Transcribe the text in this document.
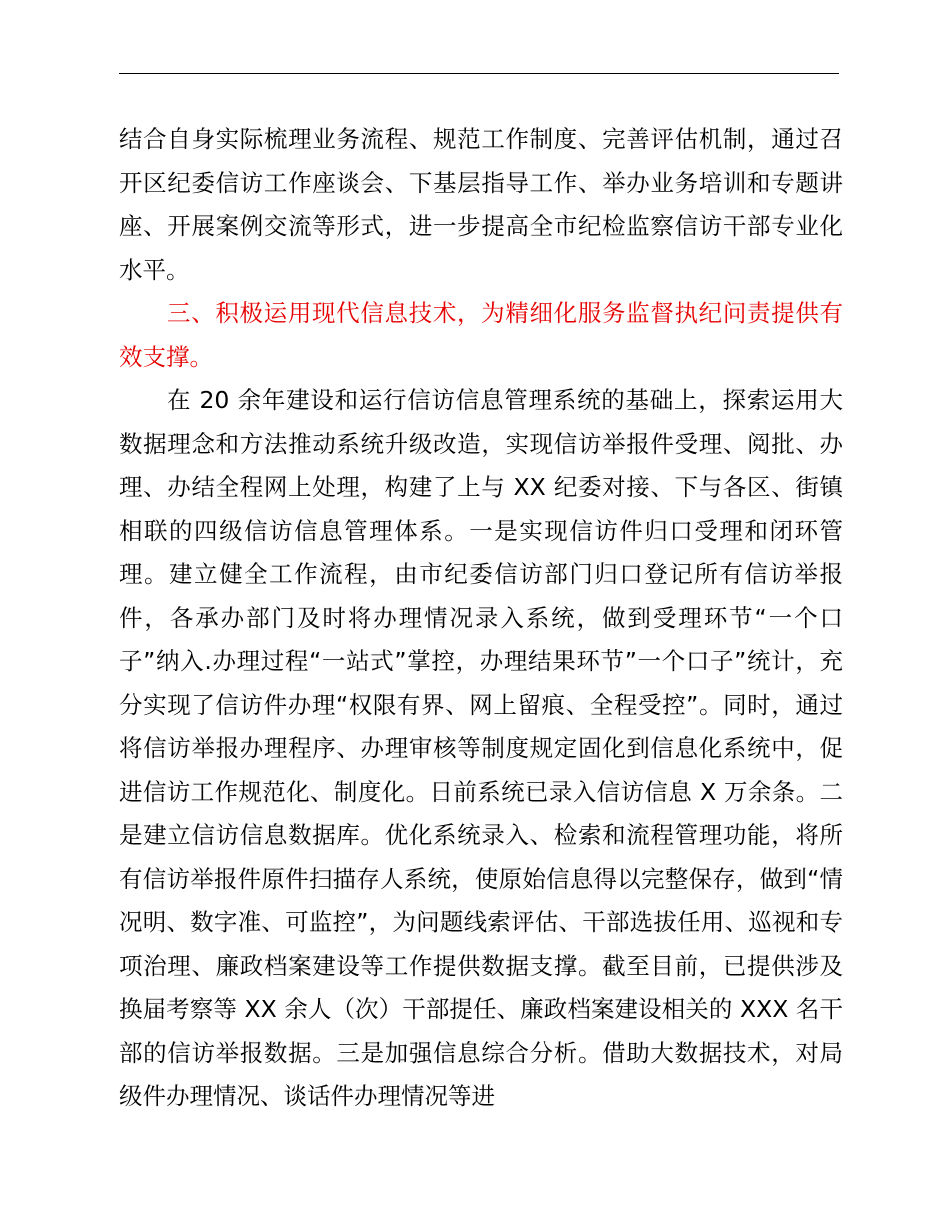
结合自身实际梳理业务流程、规范工作制度、完善评估机制，通过召开区纪委信访工作座谈会、下基层指导工作、举办业务培训和专题讲座、开展案例交流等形式，进一步提高全市纪检监察信访干部专业化水平。

三、积极运用现代信息技术，为精细化服务监督执纪问责提供有效支撑。

在 20 余年建设和运行信访信息管理系统的基础上，探索运用大数据理念和方法推动系统升级改造，实现信访举报件受理、阅批、办理、办结全程网上处理，构建了上与 XX 纪委对接、下与各区、街镇相联的四级信访信息管理体系。一是实现信访件归口受理和闭环管理。建立健全工作流程，由市纪委信访部门归口登记所有信访举报件，各承办部门及时将办理情况录入系统，做到受理环节“一个口子”纳入.办理过程“一站式”掌控，办理结果环节”一个口子”统计，充分实现了信访件办理“权限有界、网上留痕、全程受控”。同时，通过将信访举报办理程序、办理审核等制度规定固化到信息化系统中，促进信访工作规范化、制度化。日前系统已录入信访信息 X 万余条。二是建立信访信息数据库。优化系统录入、检索和流程管理功能，将所有信访举报件原件扫描存人系统，使原始信息得以完整保存，做到“情况明、数字准、可监控”，为问题线索评估、干部选拔任用、巡视和专项治理、廉政档案建设等工作提供数据支撑。截至目前，已提供涉及换届考察等 XX 余人（次）干部提任、廉政档案建设相关的 XXX 名干部的信访举报数据。三是加强信息综合分析。借助大数据技术，对局级件办理情况、谈话件办理情况等进
